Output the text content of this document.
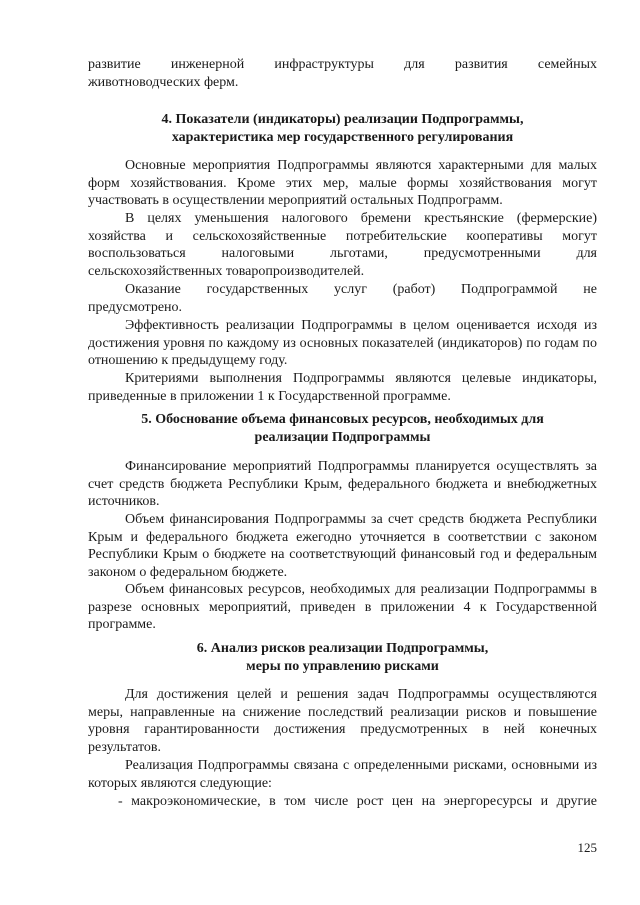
развитие инженерной инфраструктуры для развития семейных

животноводческих ферм.

4. Показатели (индикаторы) реализации Подпрограммы,
характеристика мер государственного регулирования

Основные мероприятия Подпрограммы являются характерными для малых форм хозяйствования. Кроме этих мер, малые формы хозяйствования могут участвовать в осуществлении мероприятий остальных Подпрограмм.

В целях уменьшения налогового бремени крестьянские (фермерские) хозяйства и сельскохозяйственные потребительские кооперативы могут воспользоваться налоговыми льготами, предусмотренными для сельскохозяйственных товаропроизводителей.

Оказание государственных услуг (работ) Подпрограммой не

предусмотрено.

Эффективность реализации Подпрограммы в целом оценивается исходя из достижения уровня по каждому из основных показателей (индикаторов) по годам по отношению к предыдущему году.

Критериями выполнения Подпрограммы являются целевые индикаторы, приведенные в приложении 1 к Государственной программе.

5. Обоснование объема финансовых ресурсов, необходимых для
реализации Подпрограммы

Финансирование мероприятий Подпрограммы планируется осуществлять за счет средств бюджета Республики Крым, федерального бюджета и внебюджетных источников.

Объем финансирования Подпрограммы за счет средств бюджета Республики Крым и федерального бюджета ежегодно уточняется в соответствии с законом Республики Крым о бюджете на соответствующий финансовый год и федеральным законом о федеральном бюджете.

Объем финансовых ресурсов, необходимых для реализации Подпрограммы в разрезе основных мероприятий, приведен в приложении 4 к Государственной программе.

6. Анализ рисков реализации Подпрограммы,
меры по управлению рисками

Для достижения целей и решения задач Подпрограммы осуществляются меры, направленные на снижение последствий реализации рисков и повышение уровня гарантированности достижения предусмотренных в ней конечных результатов.

Реализация Подпрограммы связана с определенными рисками, основными из которых являются следующие:

- макроэкономические, в том числе рост цен на энергоресурсы и другие

125
